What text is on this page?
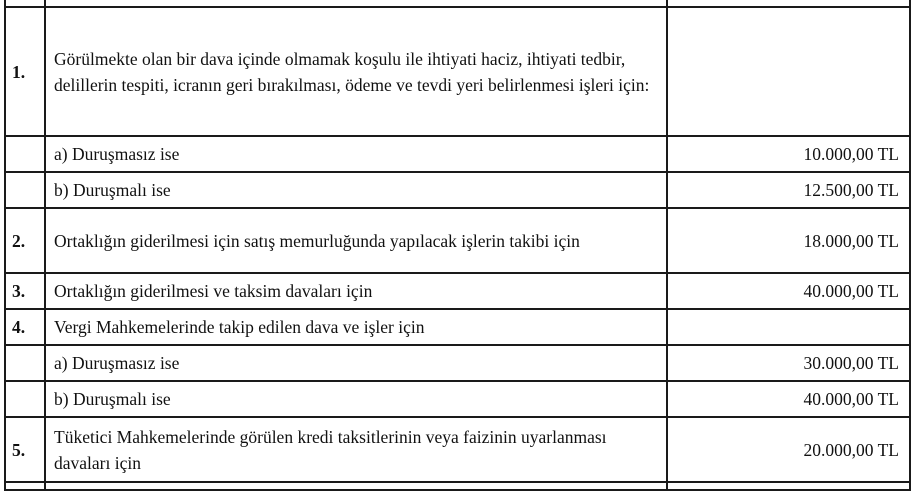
1.	Görülmekte olan bir dava içinde olmamak koşulu ile ihtiyati haciz, ihtiyati tedbir, delillerin tespiti, icranın geri bırakılması, ödeme ve tevdi yeri belirlenmesi işleri için:	
	a) Duruşmasız ise	10.000,00 TL
	b) Duruşmalı ise	12.500,00 TL
2.	Ortaklığın giderilmesi için satış memurluğunda yapılacak işlerin takibi için	18.000,00 TL
3.	Ortaklığın giderilmesi ve taksim davaları için	40.000,00 TL
4.	Vergi Mahkemelerinde takip edilen dava ve işler için	
	a) Duruşmasız ise	30.000,00 TL
	b) Duruşmalı ise	40.000,00 TL
5.	Tüketici Mahkemelerinde görülen kredi taksitlerinin veya faizinin uyarlanması davaları için	20.000,00 TL
